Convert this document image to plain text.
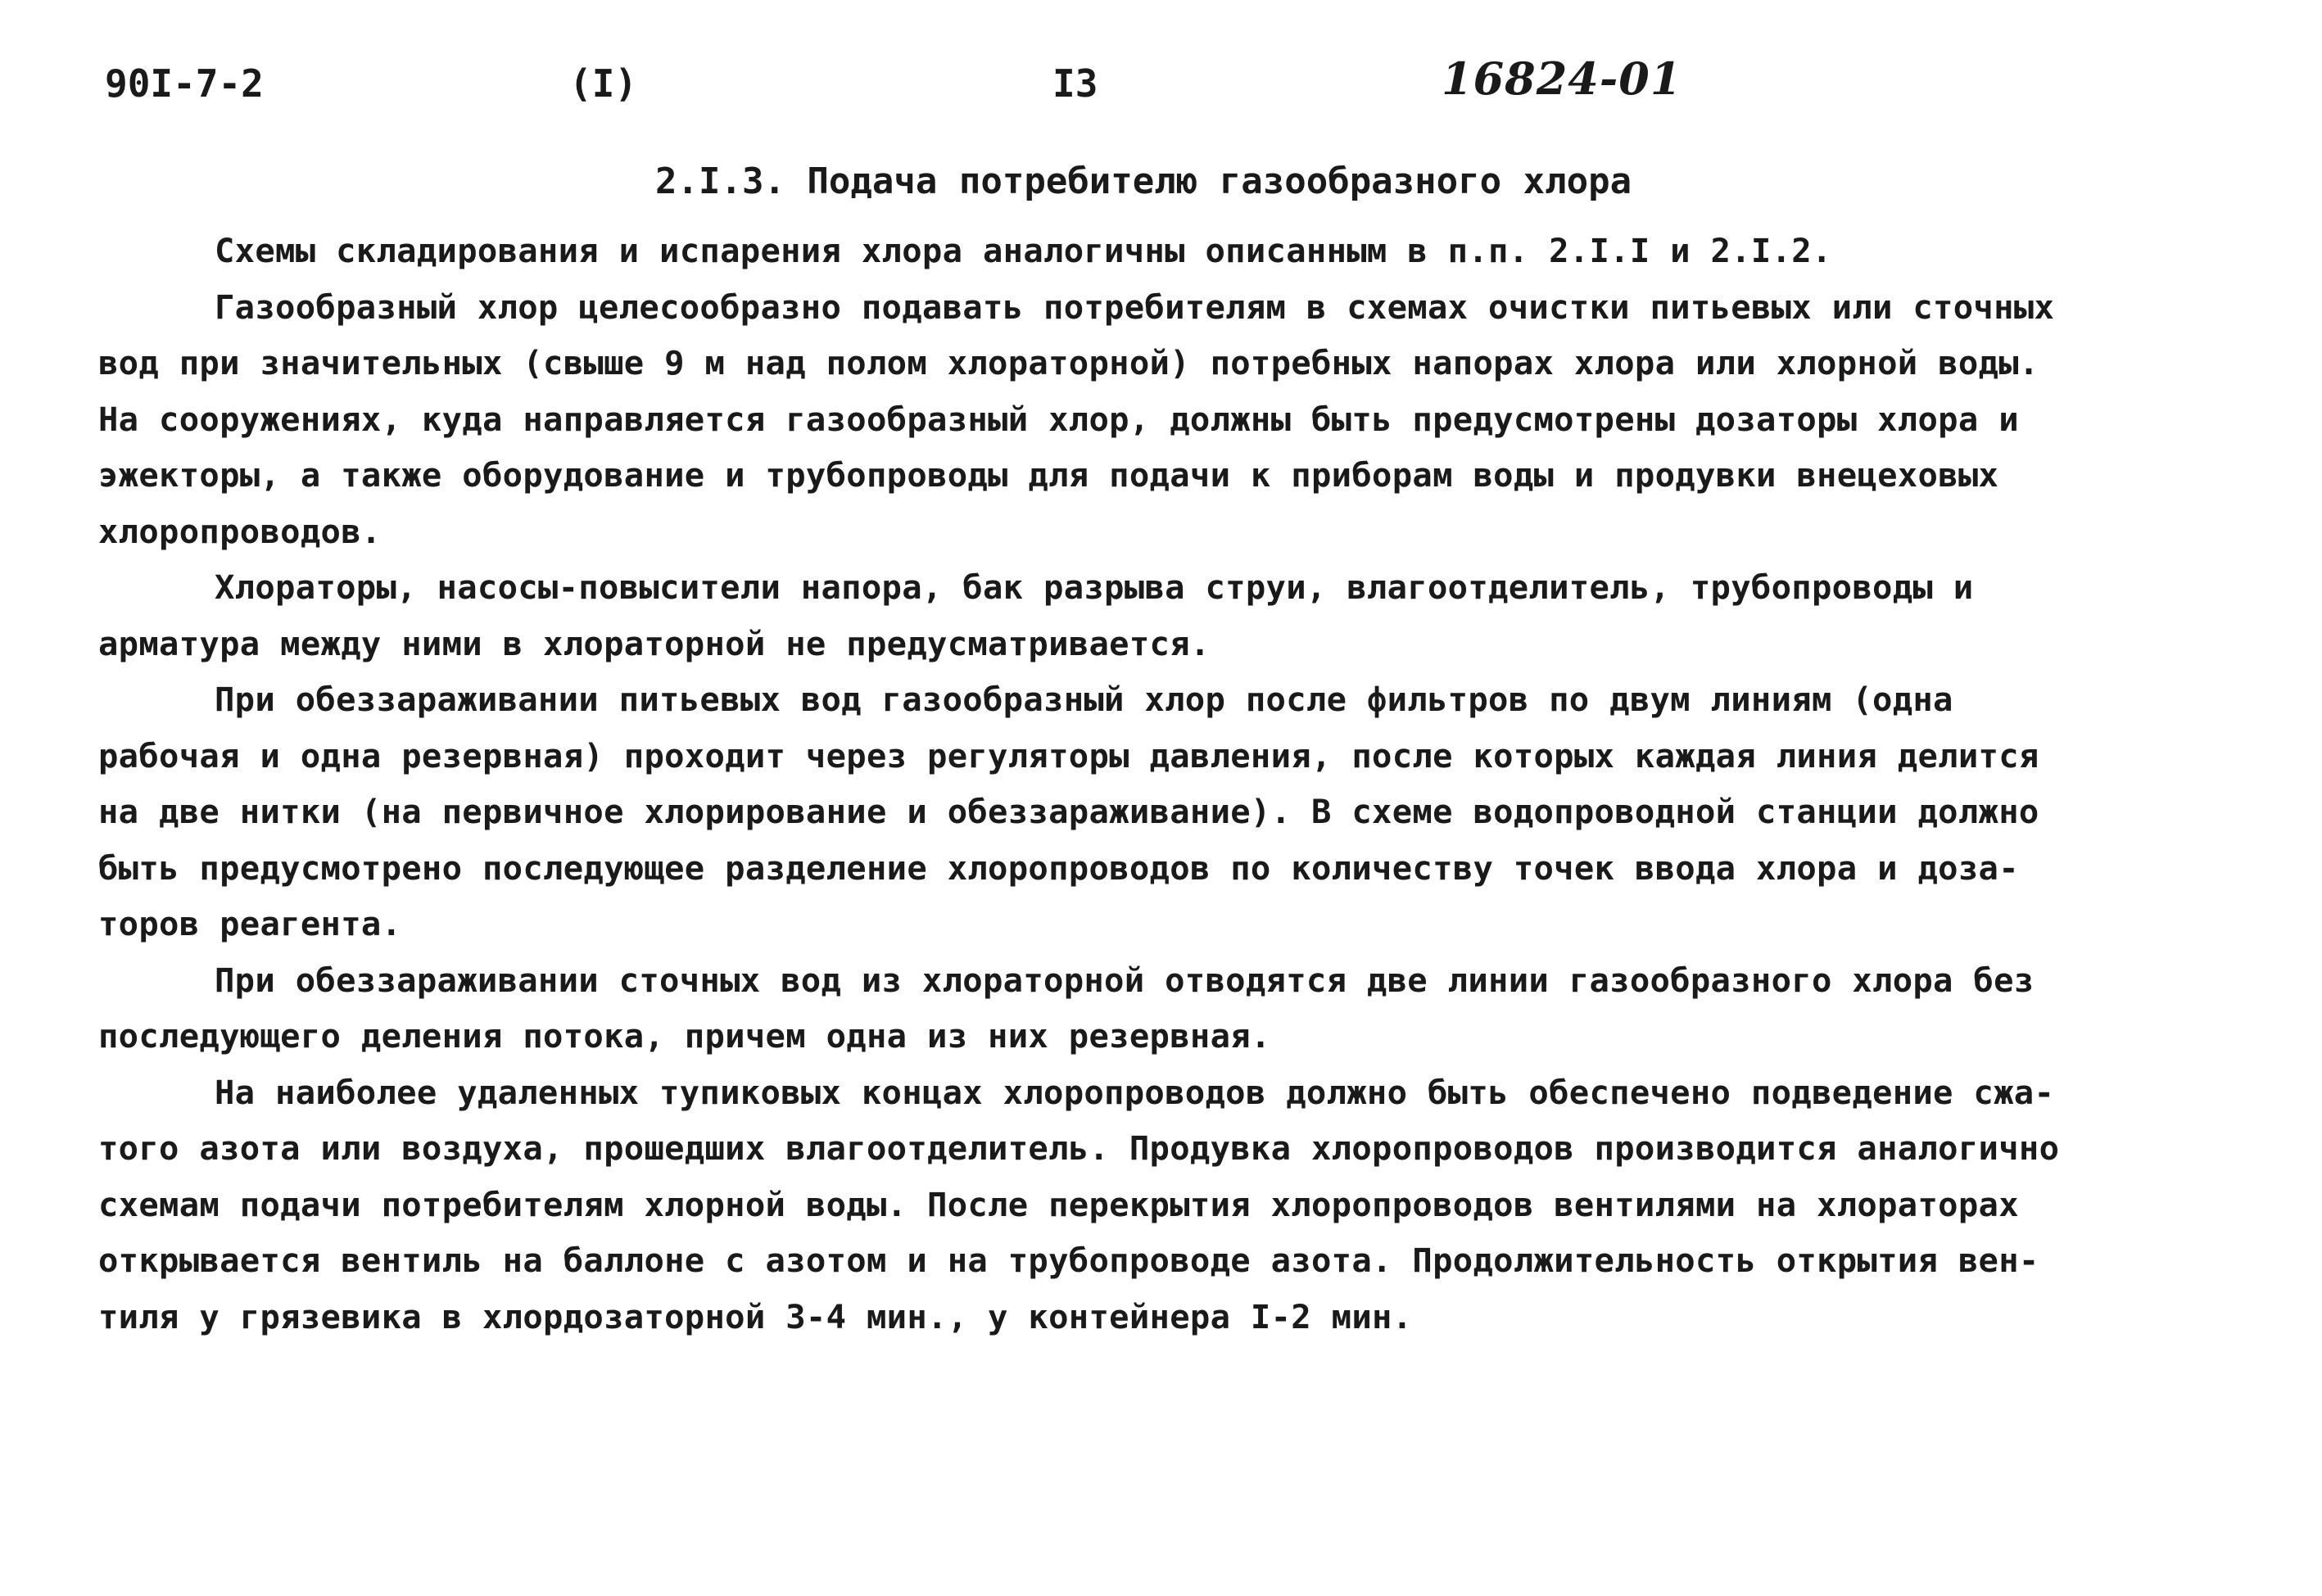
90I-7-2	(I)	I3	16824-01
2.I.3. Подача потребителю газообразного хлора
Схемы складирования и испарения хлора аналогичны описанным в п.п. 2.I.I и 2.I.2.
Газообразный хлор целесообразно подавать потребителям в схемах очистки питьевых или сточных
вод при значительных (свыше 9 м над полом хлораторной) потребных напорах хлора или хлорной воды.
На сооружениях, куда направляется газообразный хлор, должны быть предусмотрены дозаторы хлора и
эжекторы, а также оборудование и трубопроводы для подачи к приборам воды и продувки внецеховых
хлоропроводов.
Хлораторы, насосы-повысители напора, бак разрыва струи, влагоотделитель, трубопроводы и
арматура между ними в хлораторной не предусматривается.
При обеззараживании питьевых вод газообразный хлор после фильтров по двум линиям (одна
рабочая и одна резервная) проходит через регуляторы давления, после которых каждая линия делится
на две нитки (на первичное хлорирование и обеззараживание). В схеме водопроводной станции должно
быть предусмотрено последующее разделение хлоропроводов по количеству точек ввода хлора и доза-
торов реагента.
При обеззараживании сточных вод из хлораторной отводятся две линии газообразного хлора без
последующего деления потока, причем одна из них резервная.
На наиболее удаленных тупиковых концах хлоропроводов должно быть обеспечено подведение сжа-
того азота или воздуха, прошедших влагоотделитель. Продувка хлоропроводов производится аналогично
схемам подачи потребителям хлорной воды. После перекрытия хлоропроводов вентилями на хлораторах
открывается вентиль на баллоне с азотом и на трубопроводе азота. Продолжительность открытия вен-
тиля у грязевика в хлордозаторной 3-4 мин., у контейнера I-2 мин.
